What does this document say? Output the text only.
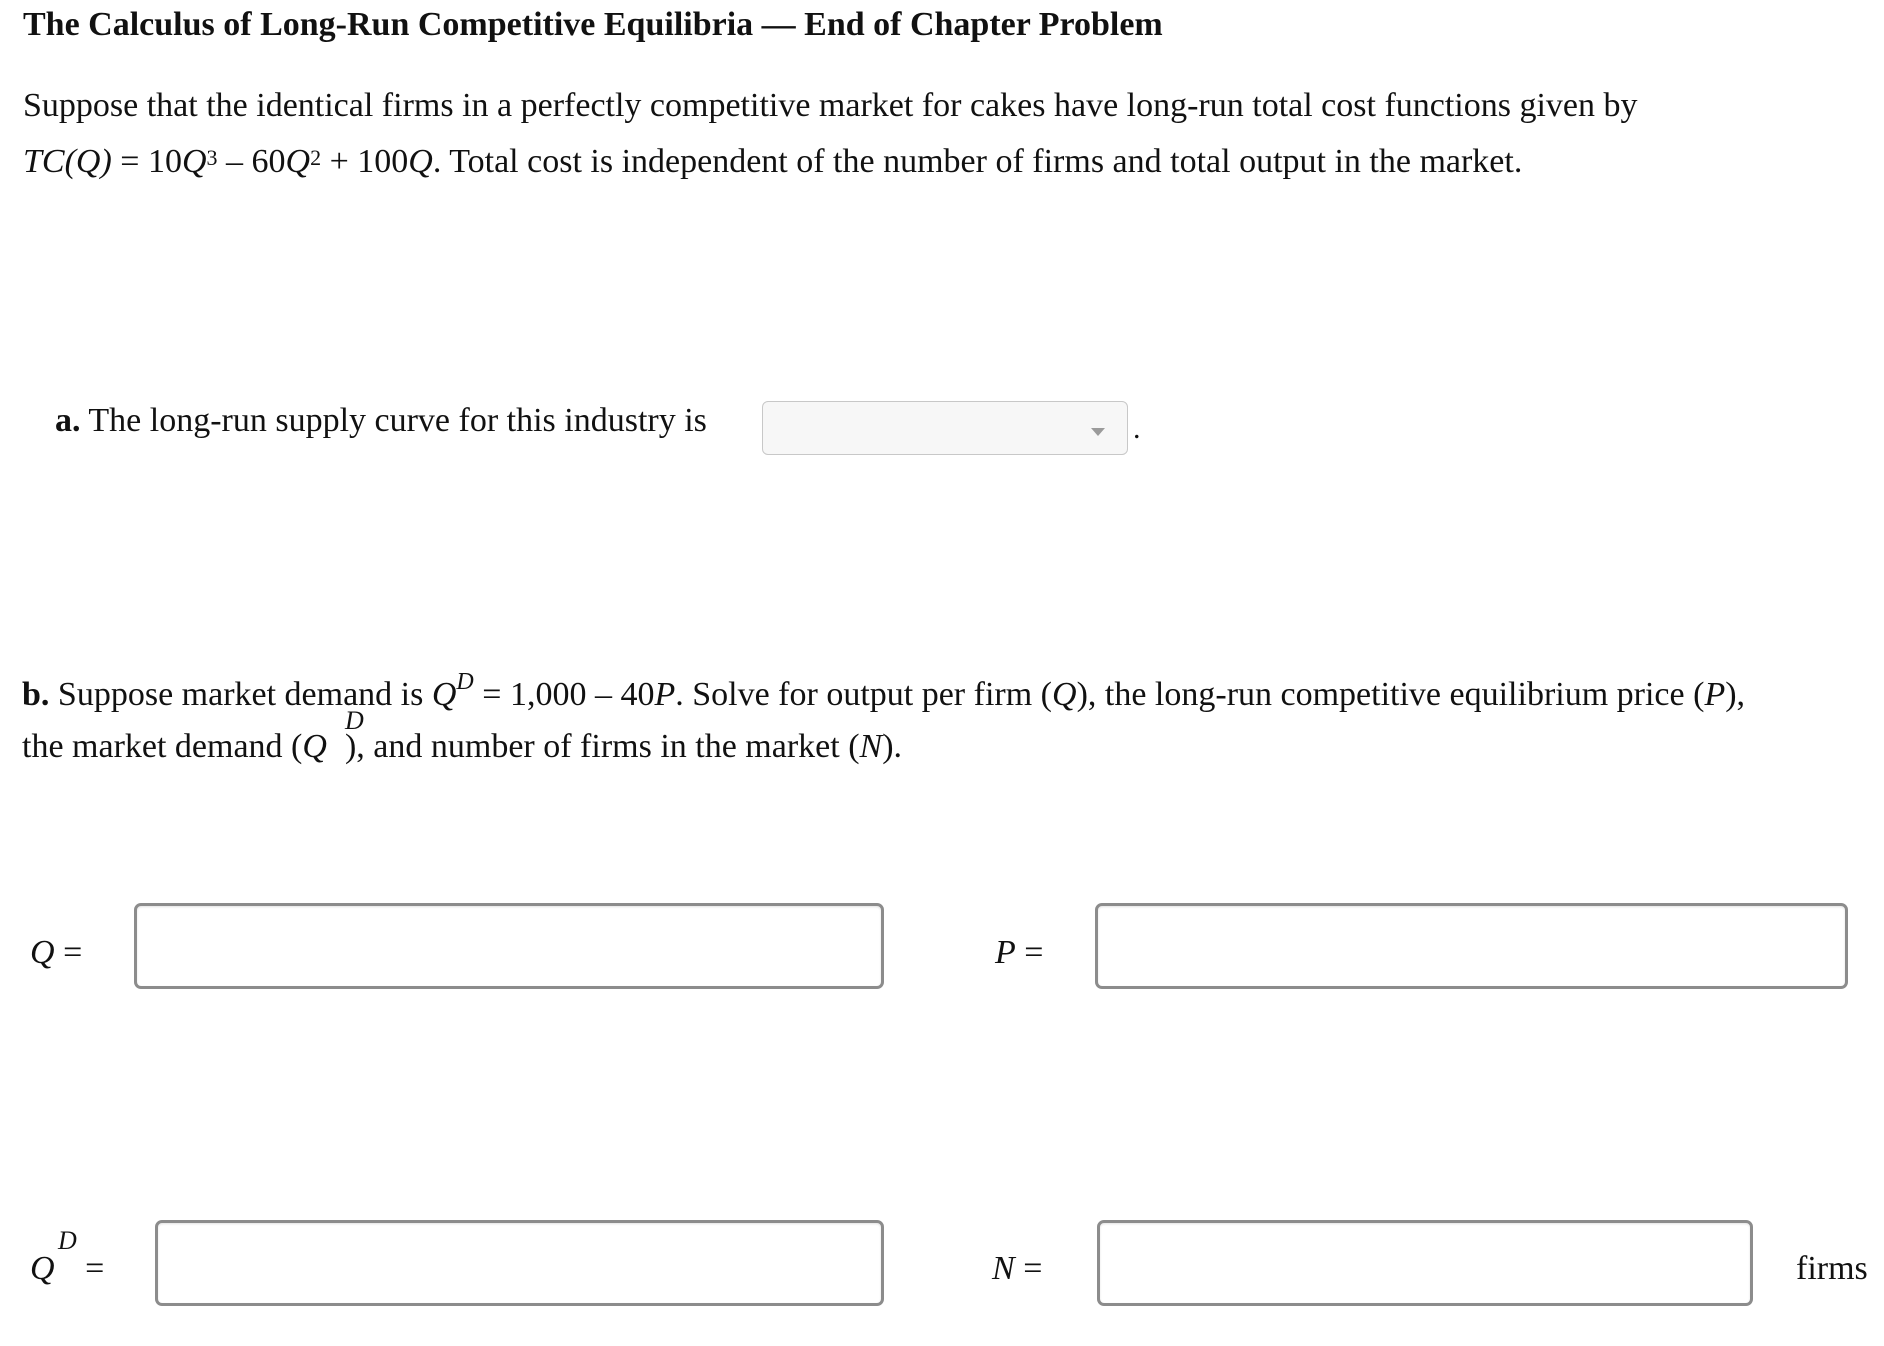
The Calculus of Long-Run Competitive Equilibria — End of Chapter Problem
Suppose that the identical firms in a perfectly competitive market for cakes have long-run total cost functions given by
$TC(Q) = 10Q^3 - 60Q^2 + 100Q$. Total cost is independent of the number of firms and total output in the market.
a. The long-run supply curve for this industry is	.
b. Suppose market demand is $Q^D = 1,000 - 40P$. Solve for output per firm (Q), the long-run competitive equilibrium price (P),
the market demand (Q ), and number of firms in the market (N).
D
Q =	P =
D
Q =	N =	firms
